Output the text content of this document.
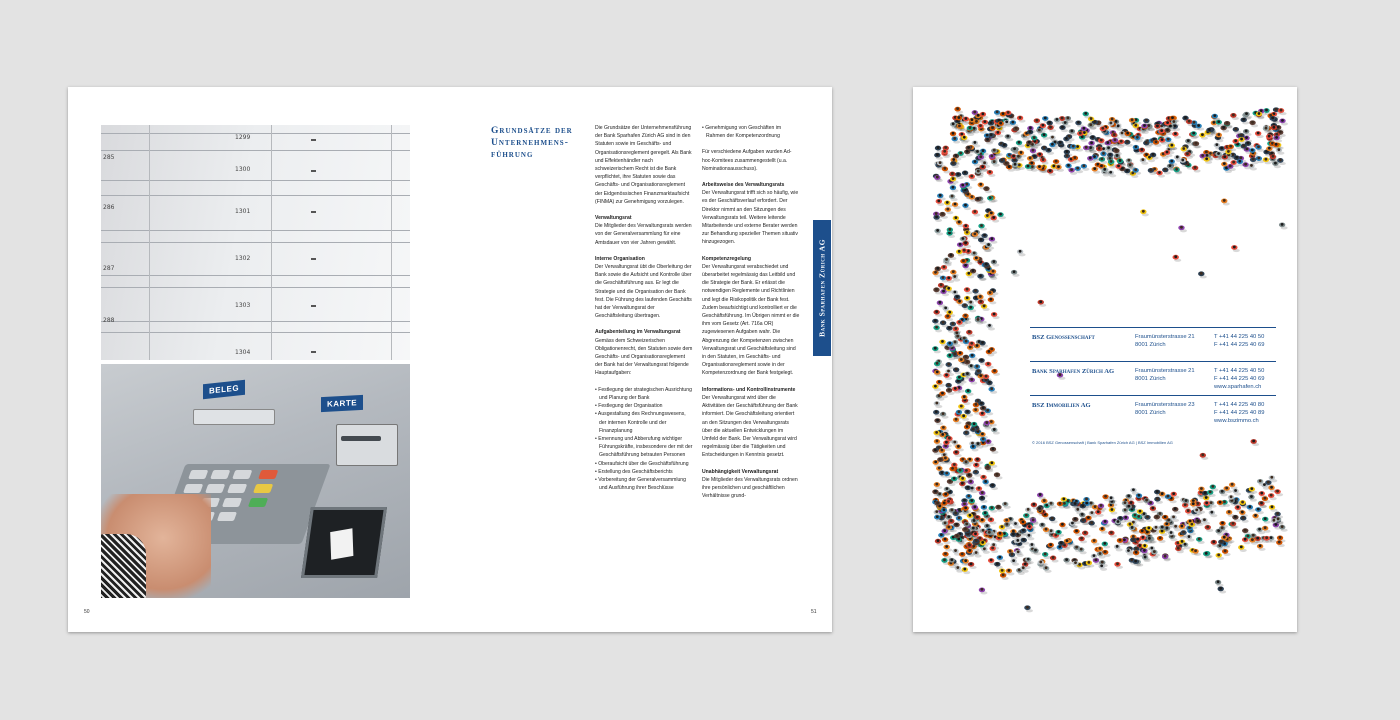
1299
1300
1301
1302
1303
1304
285
286
287
288
BELEG
KARTE
50	51
Grundsätze der
Unternehmens-
führung

Die Grundsätze der Unternehmensführung der Bank Sparhafen Zürich AG sind in den Statuten sowie im Geschäfts- und Organisationsreglement geregelt. Als Bank und Effektenhändler nach schweizerischem Recht ist die Bank verpflichtet, ihre Statuten sowie das Geschäfts- und Organisationsreglement der Eidgenössischen Finanzmarktaufsicht (FINMA) zur Genehmigung vorzulegen.

Verwaltungsrat

Die Mitglieder des Verwaltungsrats werden von der Generalversammlung für eine Amtsdauer von vier Jahren gewählt.

Interne Organisation

Der Verwaltungsrat übt die Oberleitung der Bank sowie die Aufsicht und Kontrolle über die Geschäftsführung aus. Er legt die Strategie und die Organisation der Bank fest. Die Führung des laufenden Geschäfts hat der Verwaltungsrat der Geschäftsleitung übertragen.

Aufgabenteilung im Verwaltungsrat

Gemäss dem Schweizerischen Obligationenrecht, den Statuten sowie dem Geschäfts- und Organisationsreglement der Bank hat der Verwaltungsrat folgende Hauptaufgaben:

• Festlegung der strategischen Ausrichtung und Planung der Bank
• Festlegung der Organisation
• Ausgestaltung des Rechnungswesens, der internen Kontrolle und der Finanzplanung
• Ernennung und Abberufung wichtiger Führungskräfte, insbesondere der mit der Geschäftsführung betrauten Personen
• Oberaufsicht über die Geschäftsführung
• Erstellung des Geschäftsberichts
• Vorbereitung der Generalversammlung und Ausführung ihrer Beschlüsse
• Genehmigung von Geschäften im Rahmen der Kompetenzordnung

Für verschiedene Aufgaben wurden Ad-hoc-Komitees zusammengestellt (u.a. Nominationsausschuss).

Arbeitsweise des Verwaltungsrats

Der Verwaltungsrat trifft sich so häufig, wie es der Geschäftsverlauf erfordert. Der Direktor nimmt an den Sitzungen des Verwaltungsrats teil. Weitere leitende Mitarbeitende und externe Berater werden zur Behandlung spezieller Themen situativ hinzugezogen.

Kompetenzregelung

Der Verwaltungsrat verabschiedet und überarbeitet regelmässig das Leitbild und die Strategie der Bank. Er erlässt die notwendigen Reglemente und Richtlinien und legt die Risikopolitik der Bank fest. Zudem beaufsichtigt und kontrolliert er die Geschäftsführung. Im Übrigen nimmt er die ihm vom Gesetz (Art. 716a OR) zugewiesenen Aufgaben wahr. Die Abgrenzung der Kompetenzen zwischen Verwaltungsrat und Geschäftsleitung sind in den Statuten, im Geschäfts- und Organisationsreglement sowie in der Kompetenzordnung der Bank festgelegt.

Informations- und Kontrollinstrumente

Der Verwaltungsrat wird über die Aktivitäten der Geschäftsführung der Bank informiert. Die Geschäftsleitung orientiert an den Sitzungen des Verwaltungsrats über die aktuellen Entwicklungen im Umfeld der Bank. Der Verwaltungsrat wird regelmässig über die Tätigkeiten und Entscheidungen in Kenntnis gesetzt.

Unabhängigkeit Verwaltungsrat

Die Mitglieder des Verwaltungsrats ordnen ihre persönlichen und geschäftlichen Verhältnisse grund-

Bank Sparhafen Zürich AG
BSZ Genossenschaft	Fraumünsterstrasse 21
8001 Zürich
T +41 44 225 40 50
F +41 44 225 40 69
Bank Sparhafen Zürich AG	Fraumünsterstrasse 21
8001 Zürich
T +41 44 225 40 50
F +41 44 225 40 69
www.sparhafen.ch
BSZ Immobilien AG	Fraumünsterstrasse 23
8001 Zürich
T +41 44 225 40 80
F +41 44 225 40 89
www.bszimmo.ch
© 2016 BSZ Genossenschaft | Bank Sparhafen Zürich AG | BSZ Immobilien AG
